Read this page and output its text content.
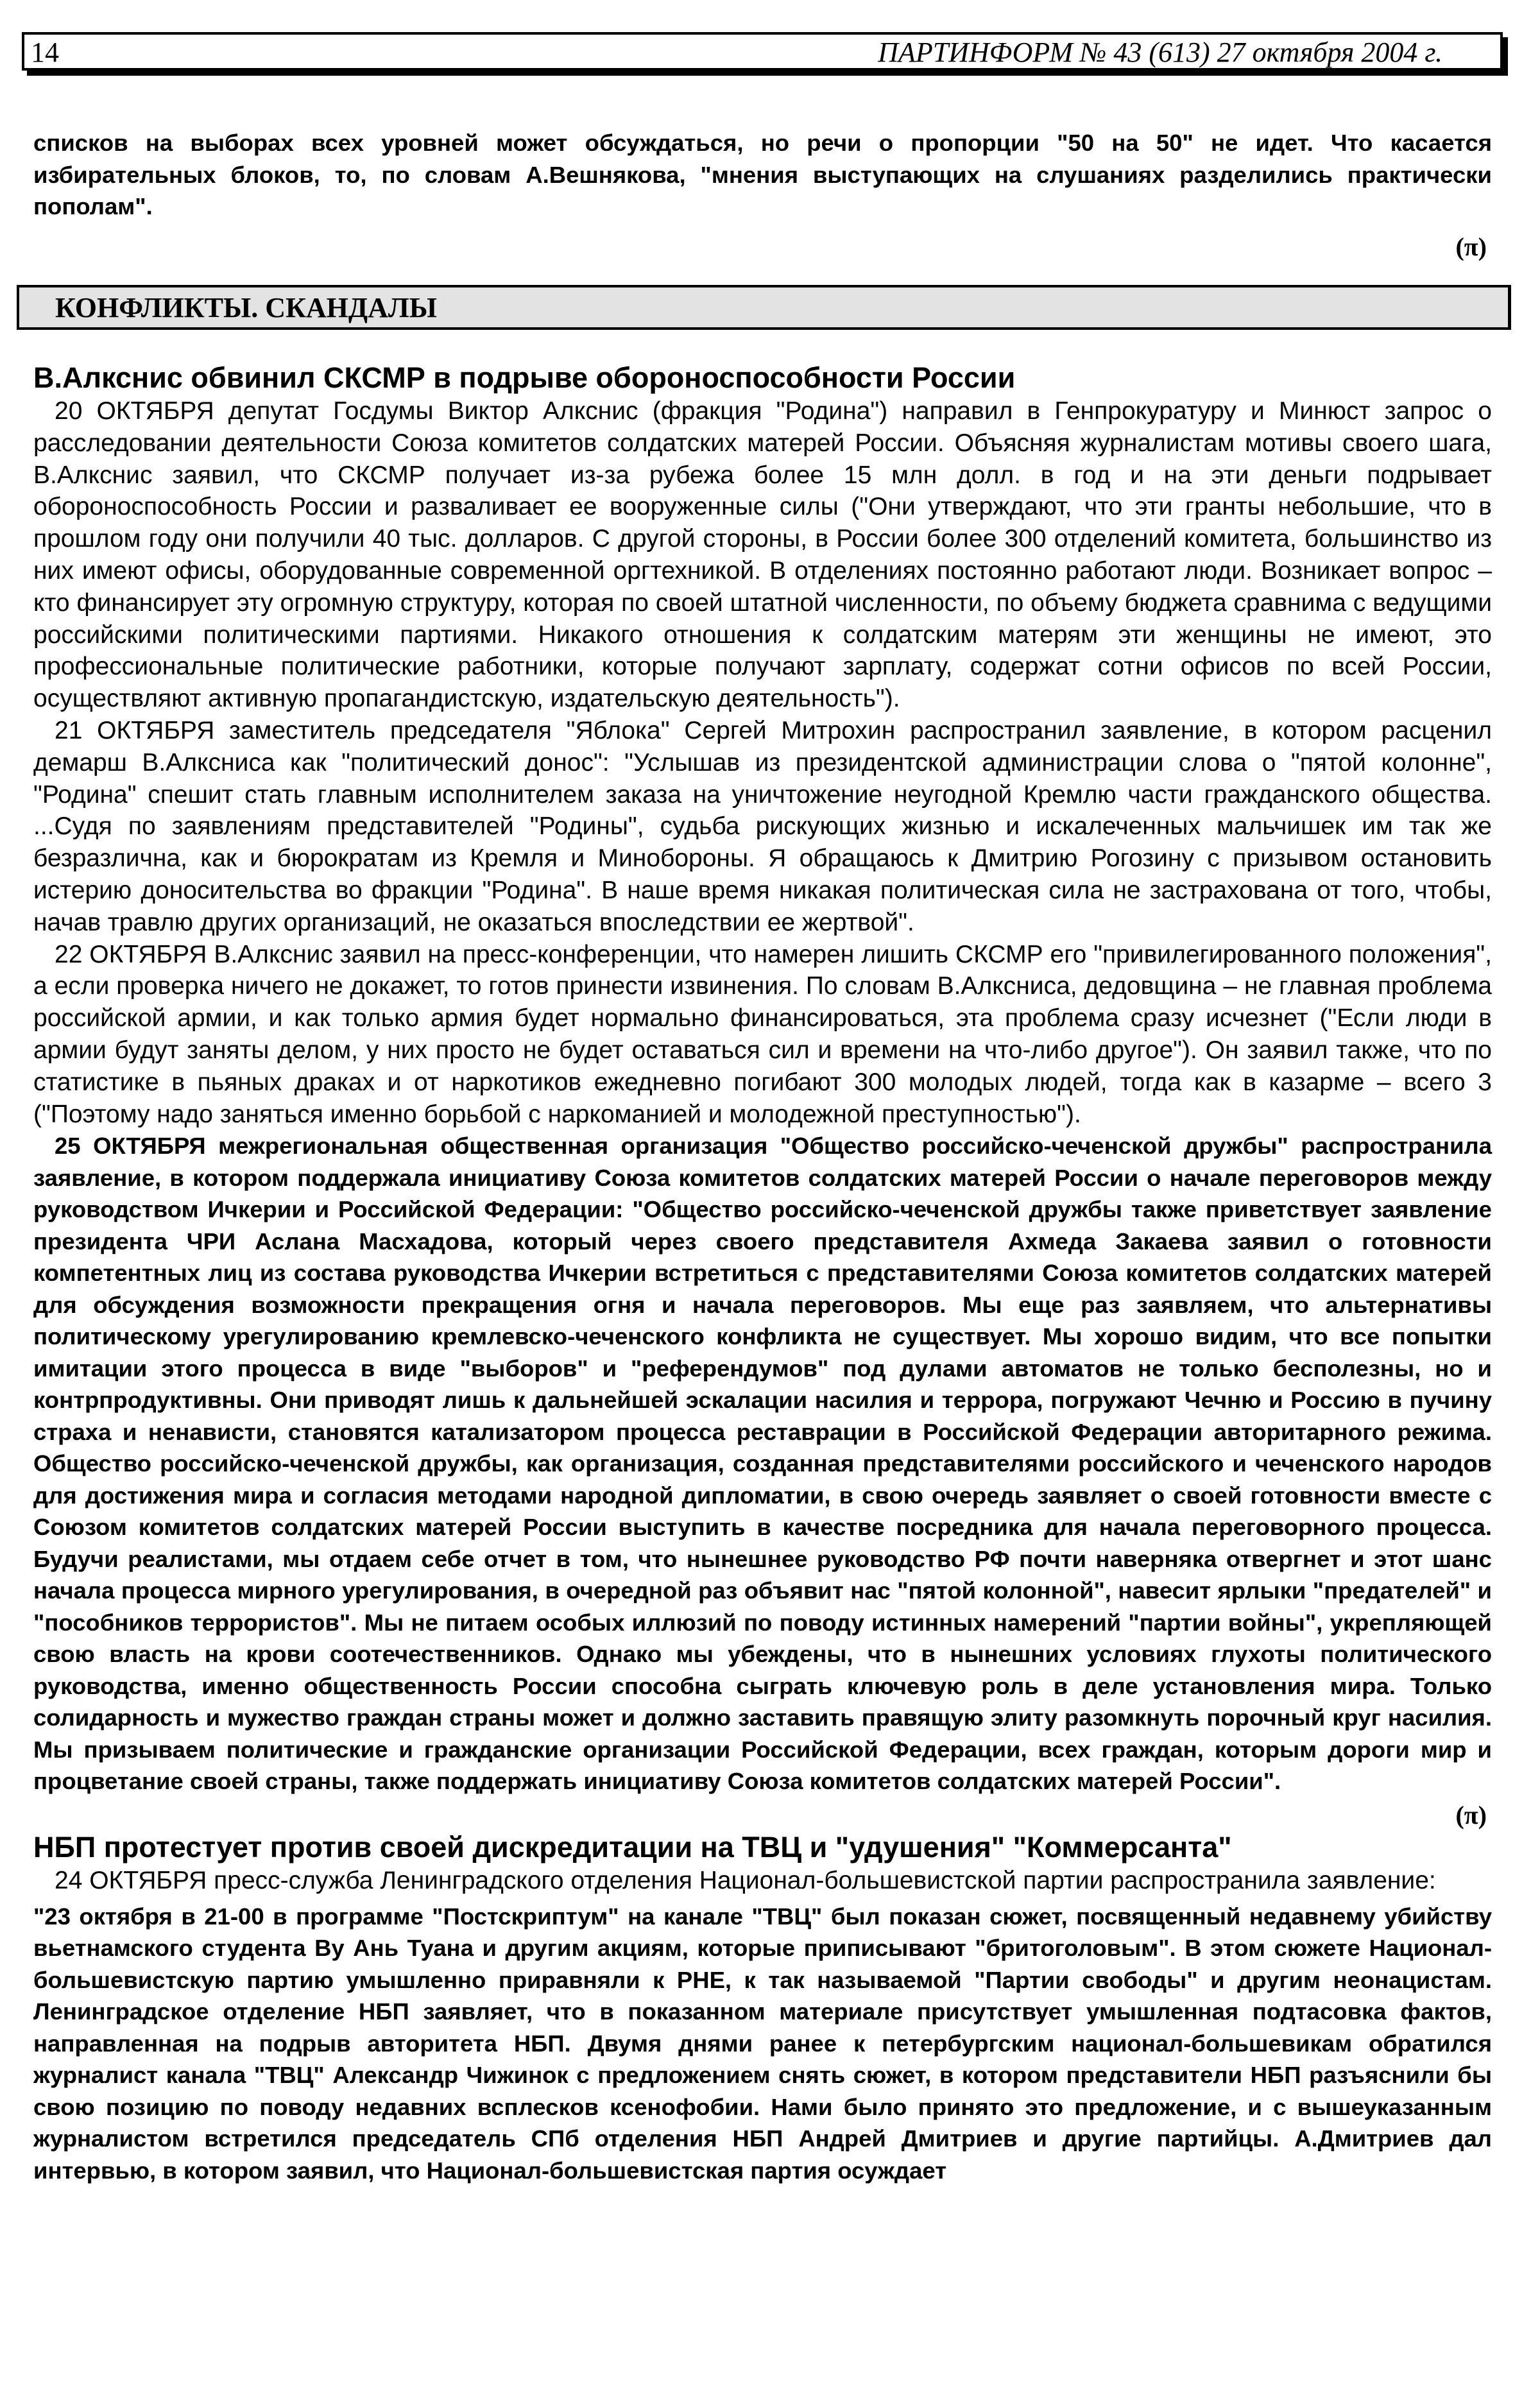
14	ПАРТИНФОРМ № 43 (613) 27 октября 2004 г.

списков на выборах всех уровней может обсуждаться, но речи о пропорции "50 на 50" не идет. Что касается избирательных блоков, то, по словам А.Вешнякова, "мнения выступающих на слушаниях разделились практически пополам".

(π)

КОНФЛИКТЫ. СКАНДАЛЫ
В.Алкснис обвинил СКСМР в подрыве обороноспособности России

20 ОКТЯБРЯ депутат Госдумы Виктор Алкснис (фракция "Родина") направил в Генпрокуратуру и Минюст запрос о расследовании деятельности Союза комитетов солдатских матерей России. Объясняя журналистам мотивы своего шага, В.Алкснис заявил, что СКСМР получает из-за рубежа более 15 млн долл. в год и на эти деньги подрывает обороноспособность России и разваливает ее вооруженные силы ("Они утверждают, что эти гранты небольшие, что в прошлом году они получили 40 тыс. долларов. С другой стороны, в России более 300 отделений комитета, большинство из них имеют офисы, оборудованные современной оргтехникой. В отделениях постоянно работают люди. Возникает вопрос – кто финансирует эту огромную структуру, которая по своей штатной численности, по объему бюджета сравнима с ведущими российскими политическими партиями. Никакого отношения к солдатским матерям эти женщины не имеют, это профессиональные политические работники, которые получают зарплату, содержат сотни офисов по всей России, осуществляют активную пропагандистскую, издательскую деятельность").

21 ОКТЯБРЯ заместитель председателя "Яблока" Сергей Митрохин распространил заявление, в котором расценил демарш В.Алксниса как "политический донос": "Услышав из президентской администрации слова о "пятой колонне", "Родина" спешит стать главным исполнителем заказа на уничтожение неугодной Кремлю части гражданского общества. ...Судя по заявлениям представителей "Родины", судьба рискующих жизнью и искалеченных мальчишек им так же безразлична, как и бюрократам из Кремля и Минобороны. Я обращаюсь к Дмитрию Рогозину с призывом остановить истерию доносительства во фракции "Родина". В наше время никакая политическая сила не застрахована от того, чтобы, начав травлю других организаций, не оказаться впоследствии ее жертвой".

22 ОКТЯБРЯ В.Алкснис заявил на пресс-конференции, что намерен лишить СКСМР его "привилегированного положения", а если проверка ничего не докажет, то готов принести извинения. По словам В.Алксниса, дедовщина – не главная проблема российской армии, и как только армия будет нормально финансироваться, эта проблема сразу исчезнет ("Если люди в армии будут заняты делом, у них просто не будет оставаться сил и времени на что-либо другое"). Он заявил также, что по статистике в пьяных драках и от наркотиков ежедневно погибают 300 молодых людей, тогда как в казарме – всего 3 ("Поэтому надо заняться именно борьбой с наркоманией и молодежной преступностью").

25 ОКТЯБРЯ межрегиональная общественная организация "Общество российско-чеченской дружбы" распространила заявление, в котором поддержала инициативу Союза комитетов солдатских матерей России о начале переговоров между руководством Ичкерии и Российской Федерации: "Общество российско-чеченской дружбы также приветствует заявление президента ЧРИ Аслана Масхадова, который через своего представителя Ахмеда Закаева заявил о готовности компетентных лиц из состава руководства Ичкерии встретиться с представителями Союза комитетов солдатских матерей для обсуждения возможности прекращения огня и начала переговоров. Мы еще раз заявляем, что альтернативы политическому урегулированию кремлевско-чеченского конфликта не существует. Мы хорошо видим, что все попытки имитации этого процесса в виде "выборов" и "референдумов" под дулами автоматов не только бесполезны, но и контрпродуктивны. Они приводят лишь к дальнейшей эскалации насилия и террора, погружают Чечню и Россию в пучину страха и ненависти, становятся катализатором процесса реставрации в Российской Федерации авторитарного режима. Общество российско-чеченской дружбы, как организация, созданная представителями российского и чеченского народов для достижения мира и согласия методами народной дипломатии, в свою очередь заявляет о своей готовности вместе с Союзом комитетов солдатских матерей России выступить в качестве посредника для начала переговорного процесса. Будучи реалистами, мы отдаем себе отчет в том, что нынешнее руководство РФ почти наверняка отвергнет и этот шанс начала процесса мирного урегулирования, в очередной раз объявит нас "пятой колонной", навесит ярлыки "предателей" и "пособников террористов". Мы не питаем особых иллюзий по поводу истинных намерений "партии войны", укрепляющей свою власть на крови соотечественников. Однако мы убеждены, что в нынешних условиях глухоты политического руководства, именно общественность России способна сыграть ключевую роль в деле установления мира. Только солидарность и мужество граждан страны может и должно заставить правящую элиту разомкнуть порочный круг насилия. Мы призываем политические и гражданские организации Российской Федерации, всех граждан, которым дороги мир и процветание своей страны, также поддержать инициативу Союза комитетов солдатских матерей России".

(π)

НБП протестует против своей дискредитации на ТВЦ и "удушения" "Коммерсанта"

24 ОКТЯБРЯ пресс-служба Ленинградского отделения Национал-большевистской партии распространила заявление:

"23 октября в 21-00 в программе "Постскриптум" на канале "ТВЦ" был показан сюжет, посвященный недавнему убийству вьетнамского студента Ву Ань Туана и другим акциям, которые приписывают "бритоголовым". В этом сюжете Национал-большевистскую партию умышленно приравняли к РНЕ, к так называемой "Партии свободы" и другим неонацистам. Ленинградское отделение НБП заявляет, что в показанном материале присутствует умышленная подтасовка фактов, направленная на подрыв авторитета НБП. Двумя днями ранее к петербургским национал-большевикам обратился журналист канала "ТВЦ" Александр Чижинок с предложением снять сюжет, в котором представители НБП разъяснили бы свою позицию по поводу недавних всплесков ксенофобии. Нами было принято это предложение, и с вышеуказанным журналистом встретился председатель СПб отделения НБП Андрей Дмитриев и другие партийцы. А.Дмитриев дал интервью, в котором заявил, что Национал-большевистская партия осуждает
